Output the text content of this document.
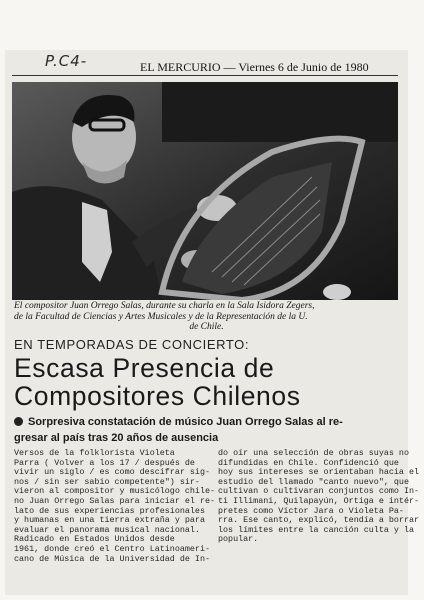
P.C4-	EL MERCURIO — Viernes 6 de Junio de 1980
El compositor Juan Orrego Salas, durante su charla en la Sala Isidora Zegers,
de la Facultad de Ciencias y Artes Musicales y de la Representación de la U.
de Chile.
EN TEMPORADAS DE CONCIERTO:
Escasa Presencia de
Compositores Chilenos
Sorpresiva constatación de músico Juan Orrego Salas al re-
gresar al país tras 20 años de ausencia
Versos de la folklorista Violeta
Parra ( Volver a los 17 / después de
vivir un siglo / es como descifrar sig-
nos / sin ser sabio competente") sir-
vieron al compositor y musicólogo chile-
no Juan Orrego Salas para iniciar el re-
lato de sus experiencias profesionales
y humanas en una tierra extraña y para
evaluar el panorama musical nacional.
Radicado en Estados Unidos desde
1961, donde creó el Centro Latinoameri-
cano de Música de la Universidad de In-
do oír una selección de obras suyas no
difundidas en Chile. Confidenció que
hoy sus intereses se orientaban hacia el
estudio del llamado "canto nuevo", que
cultivan o cultivaran conjuntos como In-
ti Illimani, Quilapayún, Ortiga e intér-
pretes como Víctor Jara o Violeta Pa-
rra. Ese canto, explicó, tendía a borrar
los límites entre la canción culta y la
popular.
